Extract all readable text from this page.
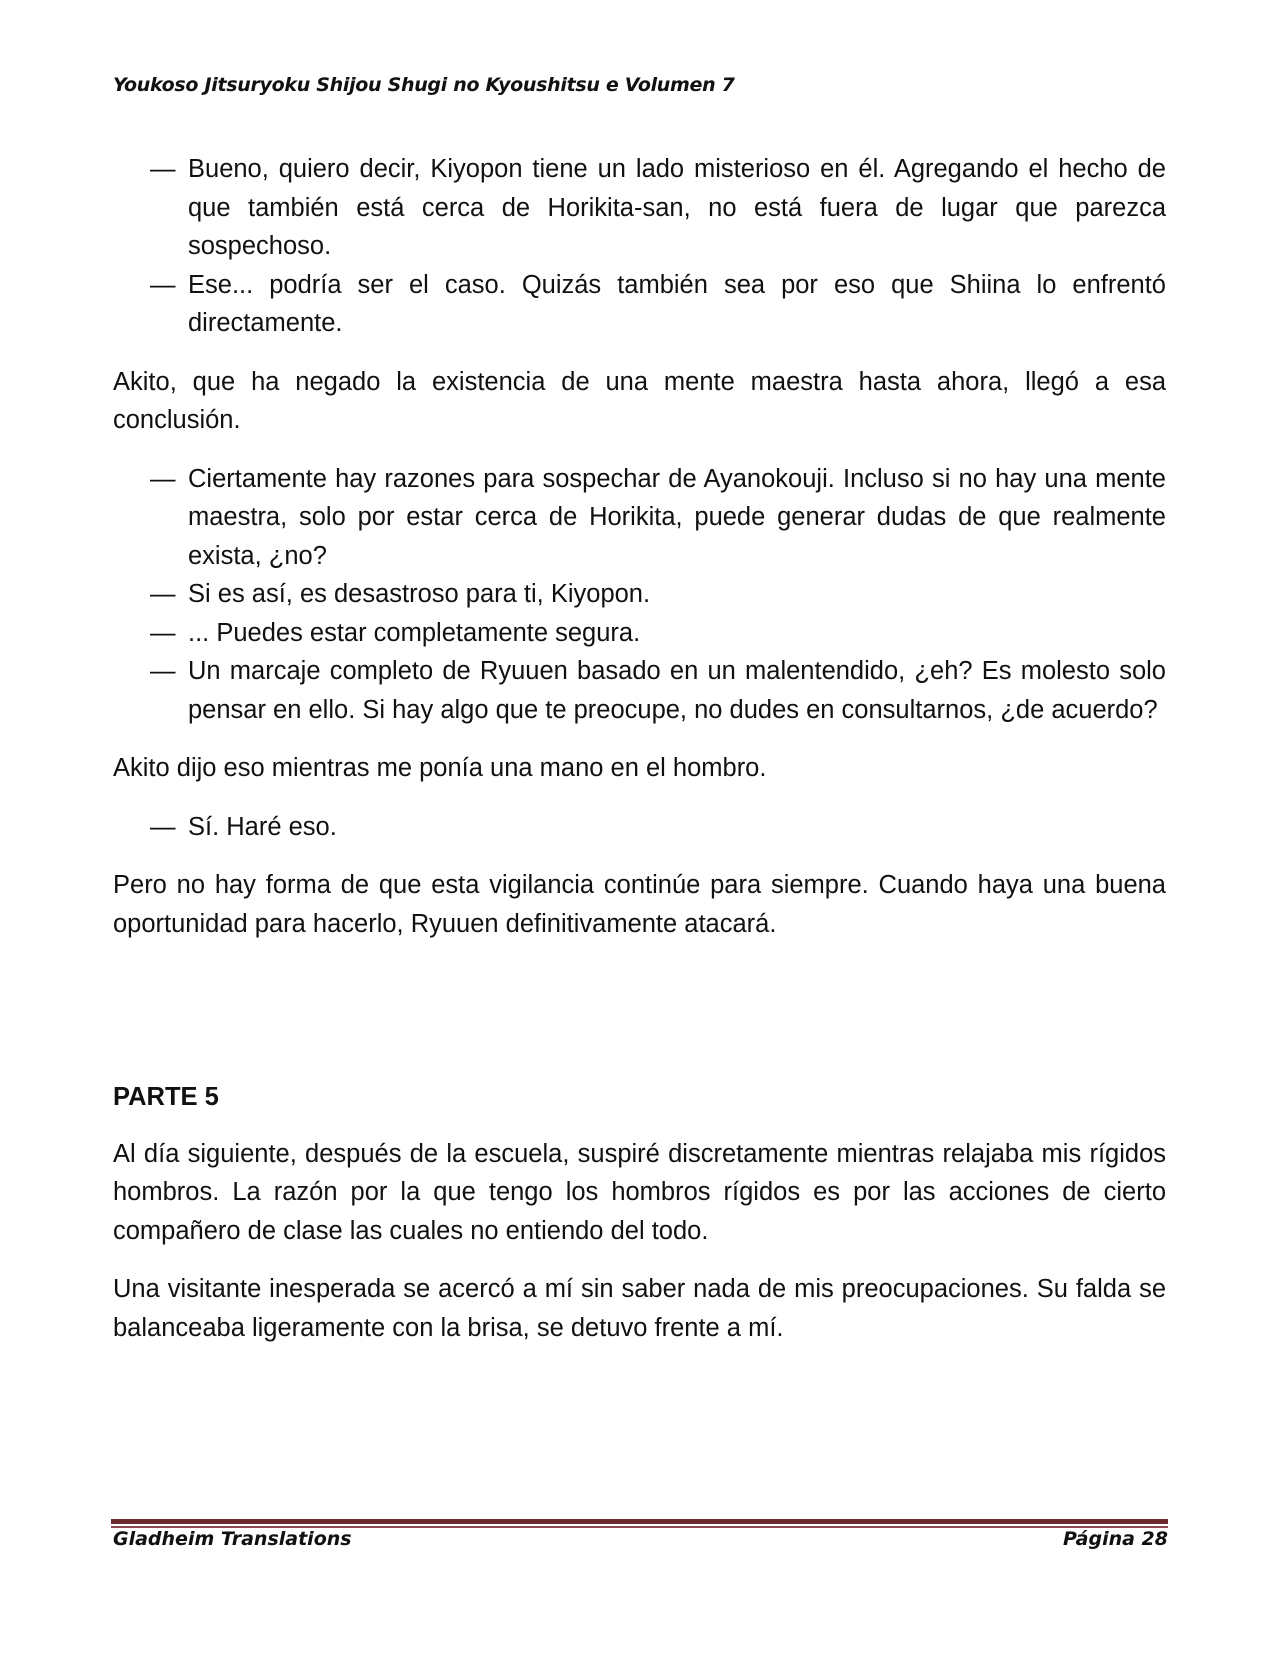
Youkoso Jitsuryoku Shijou Shugi no Kyoushitsu e Volumen 7

— Bueno, quiero decir, Kiyopon tiene un lado misterioso en él. Agregando el hecho de que también está cerca de Horikita-san, no está fuera de lugar que parezca sospechoso.

— Ese... podría ser el caso. Quizás también sea por eso que Shiina lo enfrentó directamente.

Akito, que ha negado la existencia de una mente maestra hasta ahora, llegó a esa conclusión.

— Ciertamente hay razones para sospechar de Ayanokouji. Incluso si no hay una mente maestra, solo por estar cerca de Horikita, puede generar dudas de que realmente exista, ¿no?

— Si es así, es desastroso para ti, Kiyopon.

— ... Puedes estar completamente segura.

— Un marcaje completo de Ryuuen basado en un malentendido, ¿eh? Es molesto solo pensar en ello. Si hay algo que te preocupe, no dudes en consultarnos, ¿de acuerdo?

Akito dijo eso mientras me ponía una mano en el hombro.

— Sí. Haré eso.

Pero no hay forma de que esta vigilancia continúe para siempre. Cuando haya una buena oportunidad para hacerlo, Ryuuen definitivamente atacará.

PARTE 5

Al día siguiente, después de la escuela, suspiré discretamente mientras relajaba mis rígidos hombros. La razón por la que tengo los hombros rígidos es por las acciones de cierto compañero de clase las cuales no entiendo del todo.

Una visitante inesperada se acercó a mí sin saber nada de mis preocupaciones. Su falda se balanceaba ligeramente con la brisa, se detuvo frente a mí.

Gladheim Translations	Página 28
